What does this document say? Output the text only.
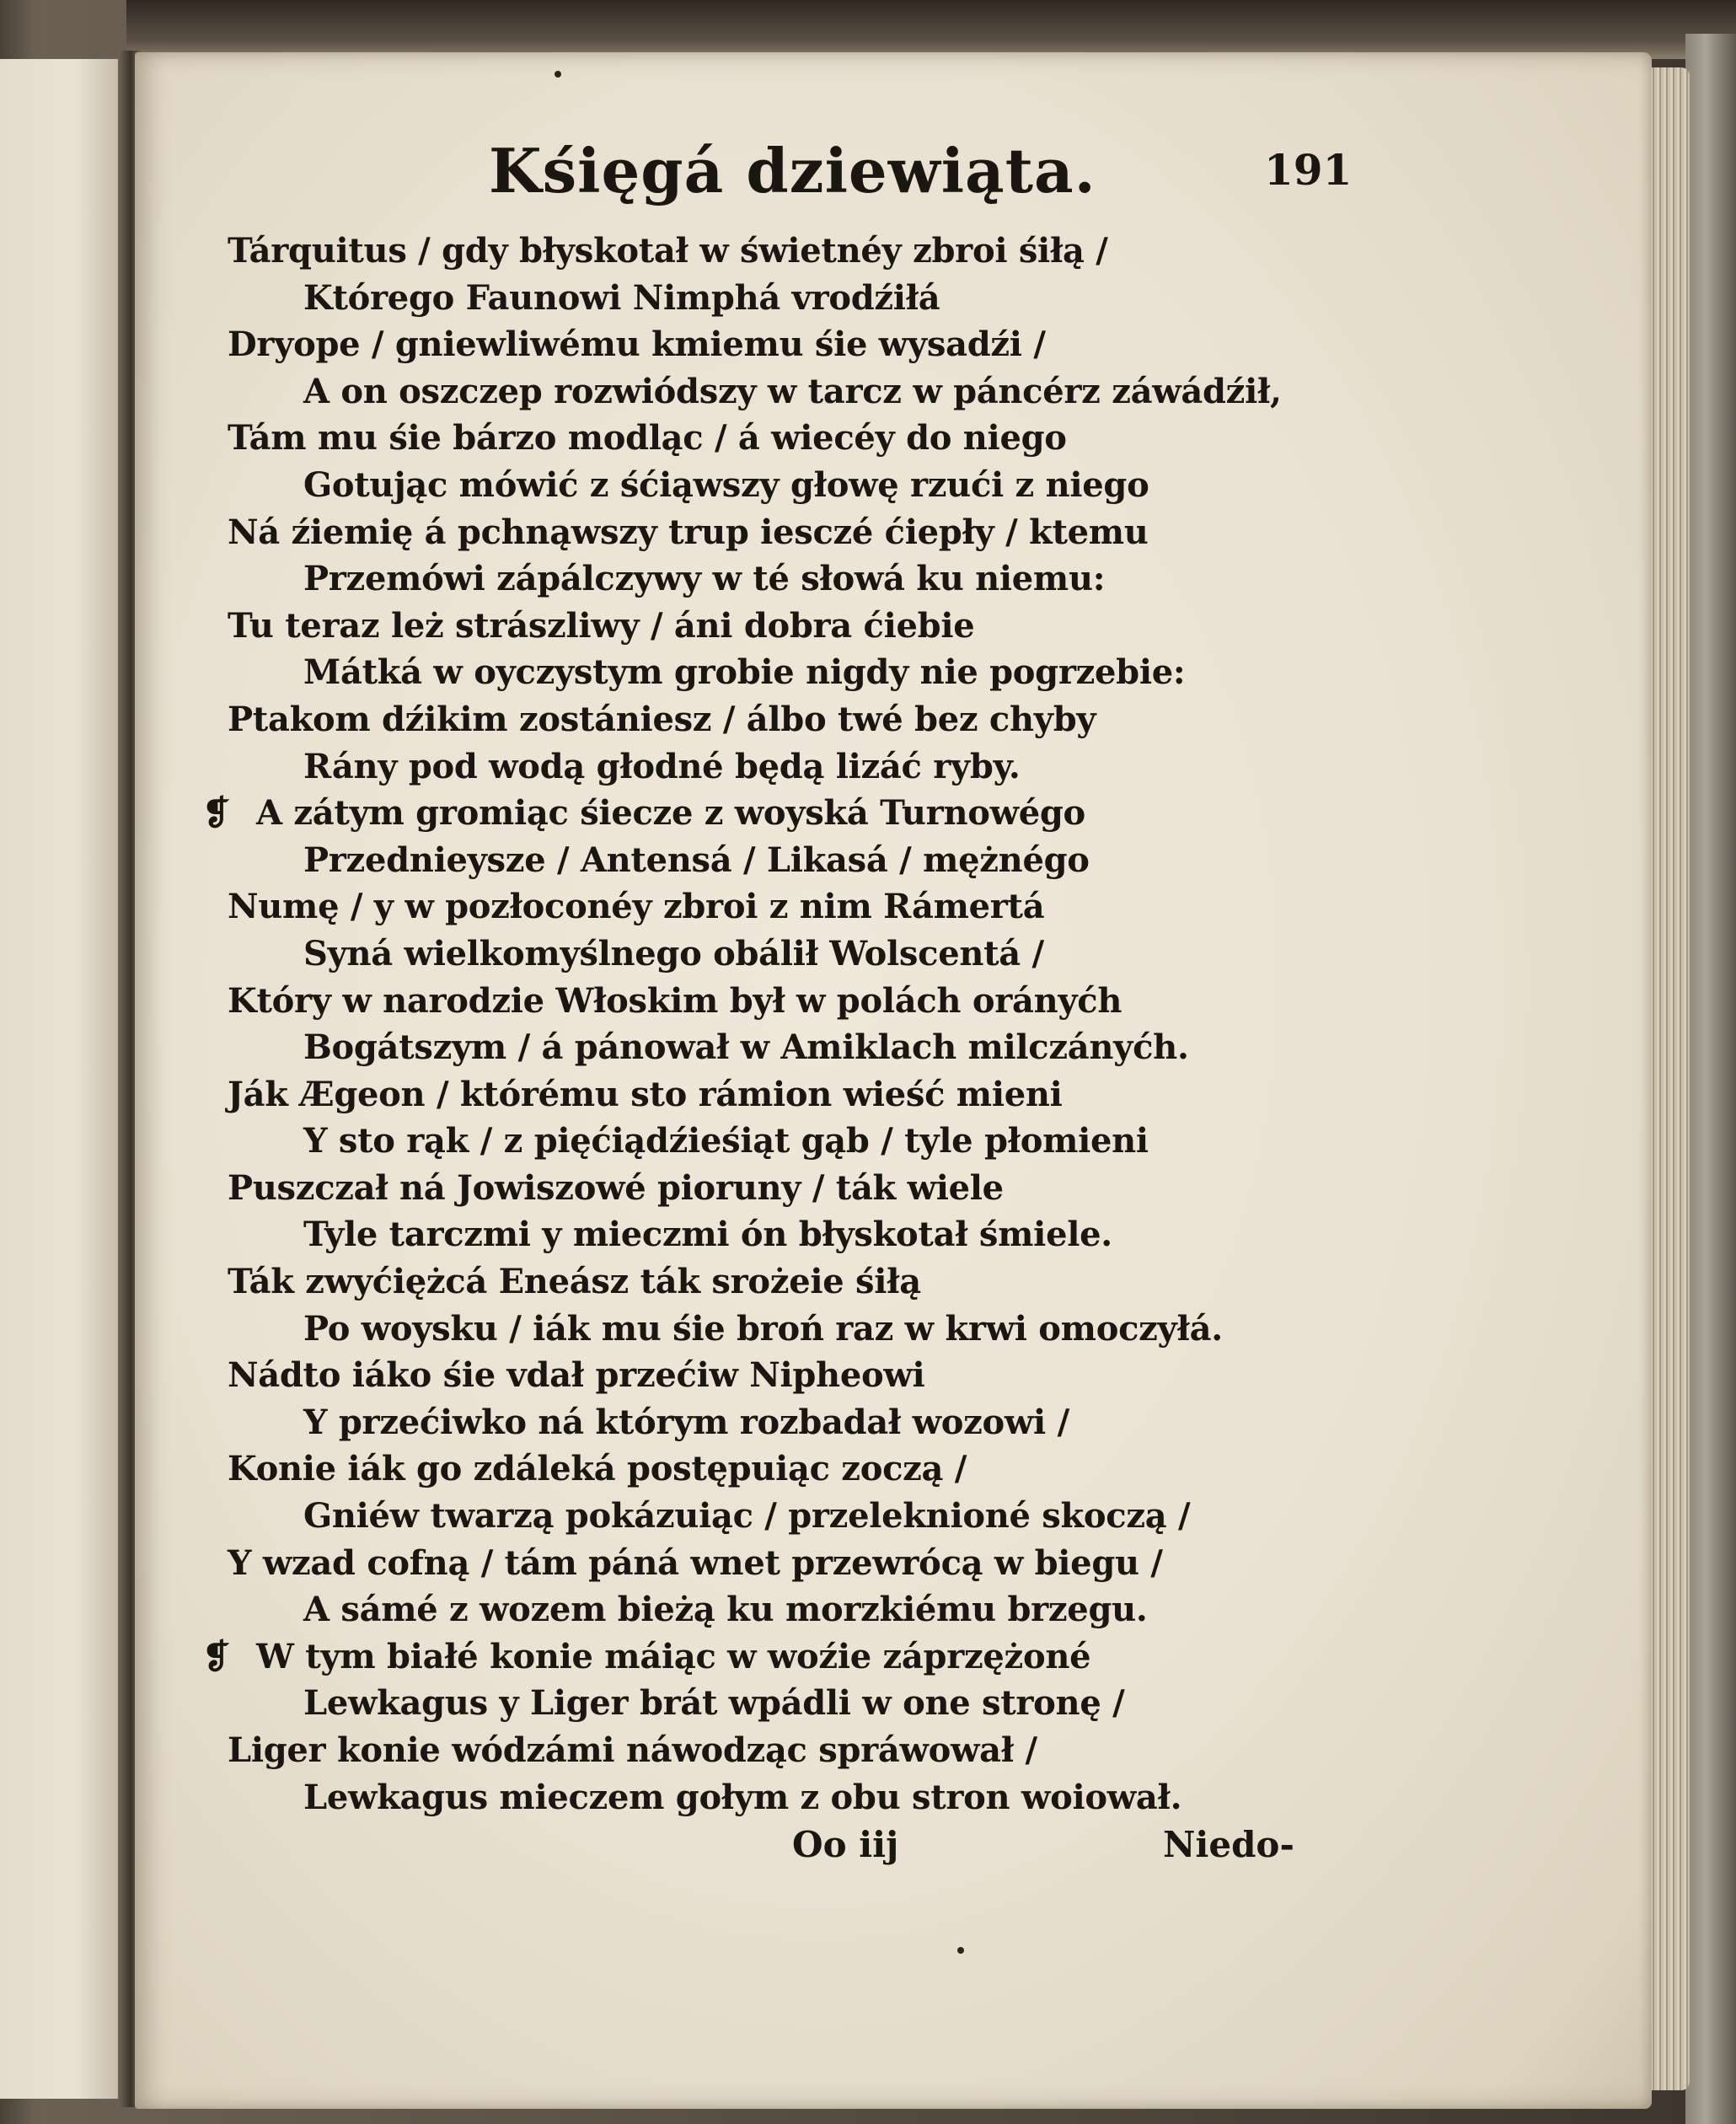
Kśięgá dziewiąta.	191
Tárquitus / gdy błyskotał w świetnéy zbroi śiłą /
Którego Faunowi Nimphá vrodźiłá
Dryope / gniewliwému kmiemu śie wysadźi /
A on oszczep rozwiódszy w tarcz w páncérz záwádźił,
Tám mu śie bárzo modląc / á wiecéy do niego
Gotując mówić z śćiąwszy głowę rzući z niego
Ná źiemię á pchnąwszy trup iesczé ćiepły / ktemu
Przemówi zápálczywy w té słowá ku niemu:
Tu teraz leż strászliwy / áni dobra ćiebie
Mátká w oyczystym grobie nigdy nie pogrzebie:
Ptakom dźikim zostániesz / álbo twé bez chyby
Rány pod wodą głodné będą lizáć ryby.
❡ A zátym gromiąc śiecze z woyská Turnowégo
Przednieysze / Antensá / Likasá / mężnégo
Numę / y w pozłoconéy zbroi z nim Rámertá
Syná wielkomyślnego obálił Wolscentá /
Który w narodzie Włoskim był w polách orányćh
Bogátszym / á pánował w Amiklach milczányćh.
Ják Ægeon / którému sto rámion wieść mieni
Y sto rąk / z pięćiądźieśiąt gąb / tyle płomieni
Puszczał ná Jowiszowé pioruny / ták wiele
Tyle tarczmi y mieczmi ón błyskotał śmiele.
Ták zwyćiężcá Eneász ták srożeie śiłą
Po woysku / iák mu śie broń raz w krwi omoczyłá.
Nádto iáko śie vdał przećiw Nipheowi
Y przećiwko ná którym rozbadał wozowi /
Konie iák go zdáleká postępuiąc zoczą /
Gniéw twarzą pokázuiąc / przeleknioné skoczą /
Y wzad cofną / tám páná wnet przewrócą w biegu /
A sámé z wozem bieżą ku morzkiému brzegu.
❡ W tym białé konie máiąc w woźie záprzężoné
Lewkagus y Liger brát wpádli w one stronę /
Liger konie wódzámi náwodząc spráwował /
Lewkagus mieczem gołym z obu stron woiował.
Oo iij	Niedo-
